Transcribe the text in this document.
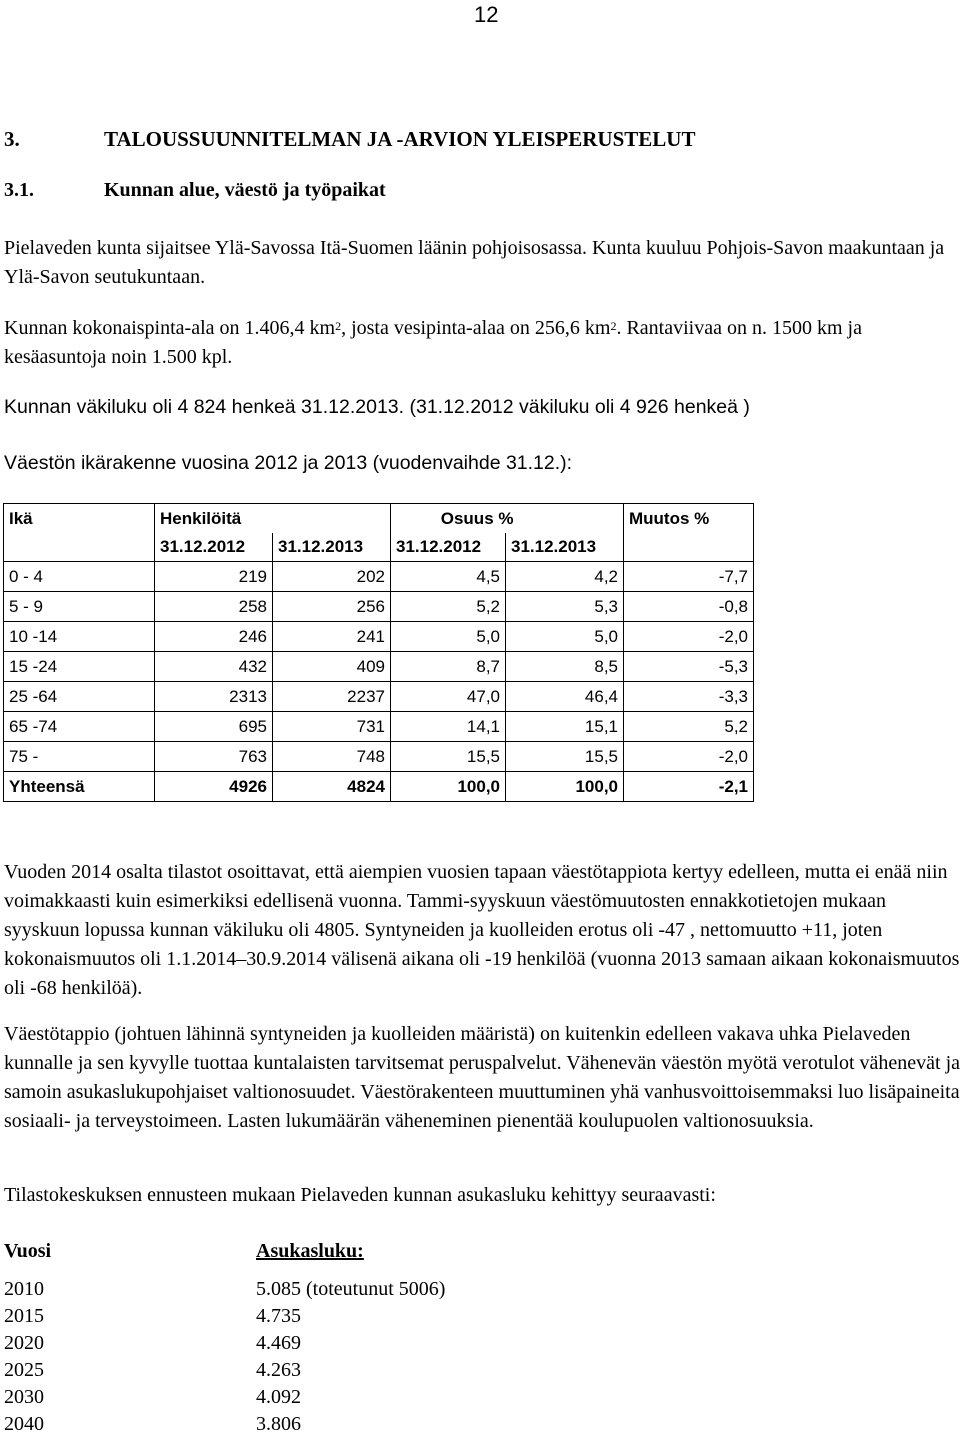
12
3.	TALOUSSUUNNITELMAN JA -ARVION YLEISPERUSTELUT
3.1.	Kunnan alue, väestö ja työpaikat
Pielaveden kunta sijaitsee Ylä-Savossa Itä-Suomen läänin pohjoisosassa. Kunta kuuluu Pohjois-Savon maakuntaan ja Ylä-Savon seutukuntaan.
Kunnan kokonaispinta-ala on 1.406,4 $km^2$, josta vesipinta-alaa on 256,6 $km^2$. Rantaviivaa on n. 1500 km ja kesäasuntoja noin 1.500 kpl.
Kunnan väkiluku oli 4 824 henkeä 31.12.2013. (31.12.2012 väkiluku oli 4 926 henkeä )
Väestön ikärakenne vuosina 2012 ja 2013 (vuodenvaihde 31.12.):
Ikä	Henkilöitä		Osuus %		Muutos %
	31.12.2012	31.12.2013	31.12.2012	31.12.2013	
0 - 4	219	202	4,5	4,2	-7,7
5 - 9	258	256	5,2	5,3	-0,8
10 -14	246	241	5,0	5,0	-2,0
15 -24	432	409	8,7	8,5	-5,3
25 -64	2313	2237	47,0	46,4	-3,3
65 -74	695	731	14,1	15,1	5,2
75 -	763	748	15,5	15,5	-2,0
Yhteensä	4926	4824	100,0	100,0	-2,1
Vuoden 2014 osalta tilastot osoittavat, että aiempien vuosien tapaan väestötappiota kertyy edelleen, mutta ei enää niin voimakkaasti kuin esimerkiksi edellisenä vuonna. Tammi-syyskuun väestömuutosten ennakkotietojen mukaan syyskuun lopussa kunnan väkiluku oli 4805. Syntyneiden ja kuolleiden erotus oli -47 , nettomuutto +11, joten kokonaismuutos oli 1.1.2014–30.9.2014 välisenä aikana oli -19 henkilöä (vuonna 2013 samaan aikaan kokonaismuutos oli -68 henkilöä).
Väestötappio (johtuen lähinnä syntyneiden ja kuolleiden määristä) on kuitenkin edelleen vakava uhka Pielaveden kunnalle ja sen kyvylle tuottaa kuntalaisten tarvitsemat peruspalvelut. Vähenevän väestön myötä verotulot vähenevät ja samoin asukaslukupohjaiset valtionosuudet. Väestörakenteen muuttuminen yhä vanhusvoittoisemmaksi luo lisäpaineita sosiaali- ja terveystoimeen. Lasten lukumäärän väheneminen pienentää koulupuolen valtionosuuksia.
Tilastokeskuksen ennusteen mukaan Pielaveden kunnan asukasluku kehittyy seuraavasti:
Vuosi	Asukasluku:
2010	5.085 (toteutunut 5006)
2015	4.735
2020	4.469
2025	4.263
2030	4.092
2040	3.806
